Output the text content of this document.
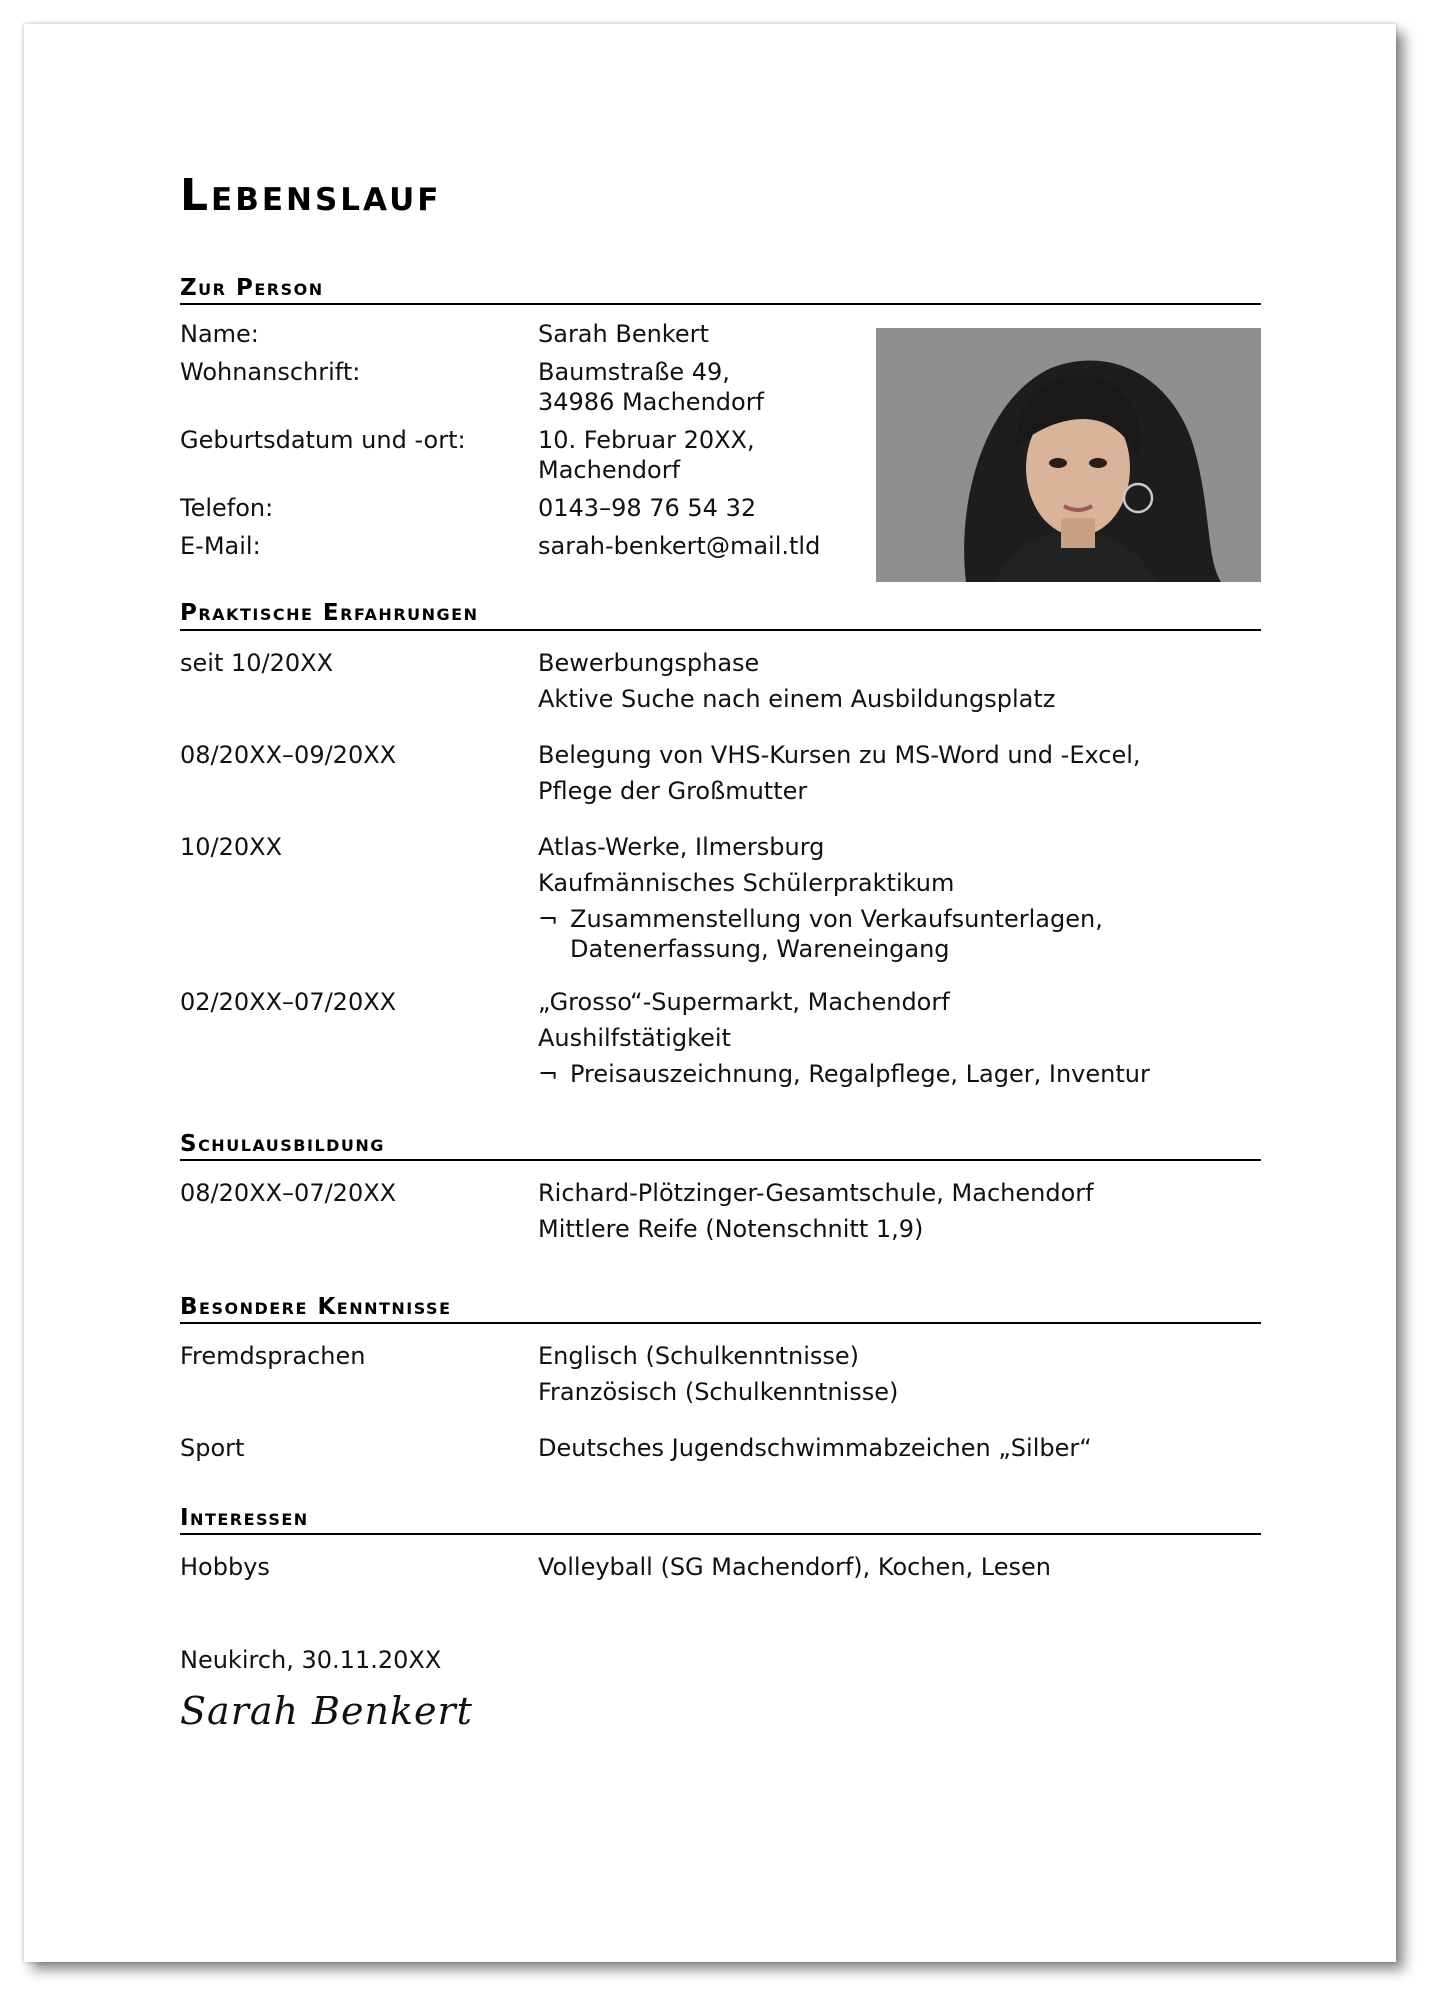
Lebenslauf
Zur Person
Name:	Sarah Benkert
Wohnanschrift:	Baumstraße 49,
34986 Machendorf
Geburtsdatum und -ort:	10. Februar 20XX,
Machendorf
Telefon:	0143–98 76 54 32
E-Mail:	sarah-benkert@mail.tld
Praktische Erfahrungen
seit 10/20XX	Bewerbungsphase
Aktive Suche nach einem Ausbildungsplatz
08/20XX–09/20XX	Belegung von VHS-Kursen zu MS-Word und -Excel,
Pflege der Großmutter
10/20XX	Atlas-Werke, Ilmersburg
Kaufmännisches Schülerpraktikum
¬ Zusammenstellung von Verkaufsunterlagen, Datenerfassung, Wareneingang
02/20XX–07/20XX	„Grosso“-Supermarkt, Machendorf
Aushilfstätigkeit
¬ Preisauszeichnung, Regalpflege, Lager, Inventur
Schulausbildung
08/20XX–07/20XX	Richard-Plötzinger-Gesamtschule, Machendorf
Mittlere Reife (Notenschnitt 1,9)
Besondere Kenntnisse
Fremdsprachen	Englisch (Schulkenntnisse)
Französisch (Schulkenntnisse)
Sport	Deutsches Jugendschwimmabzeichen „Silber“
Interessen
Hobbys	Volleyball (SG Machendorf), Kochen, Lesen
Neukirch, 30.11.20XX
Sarah Benkert
